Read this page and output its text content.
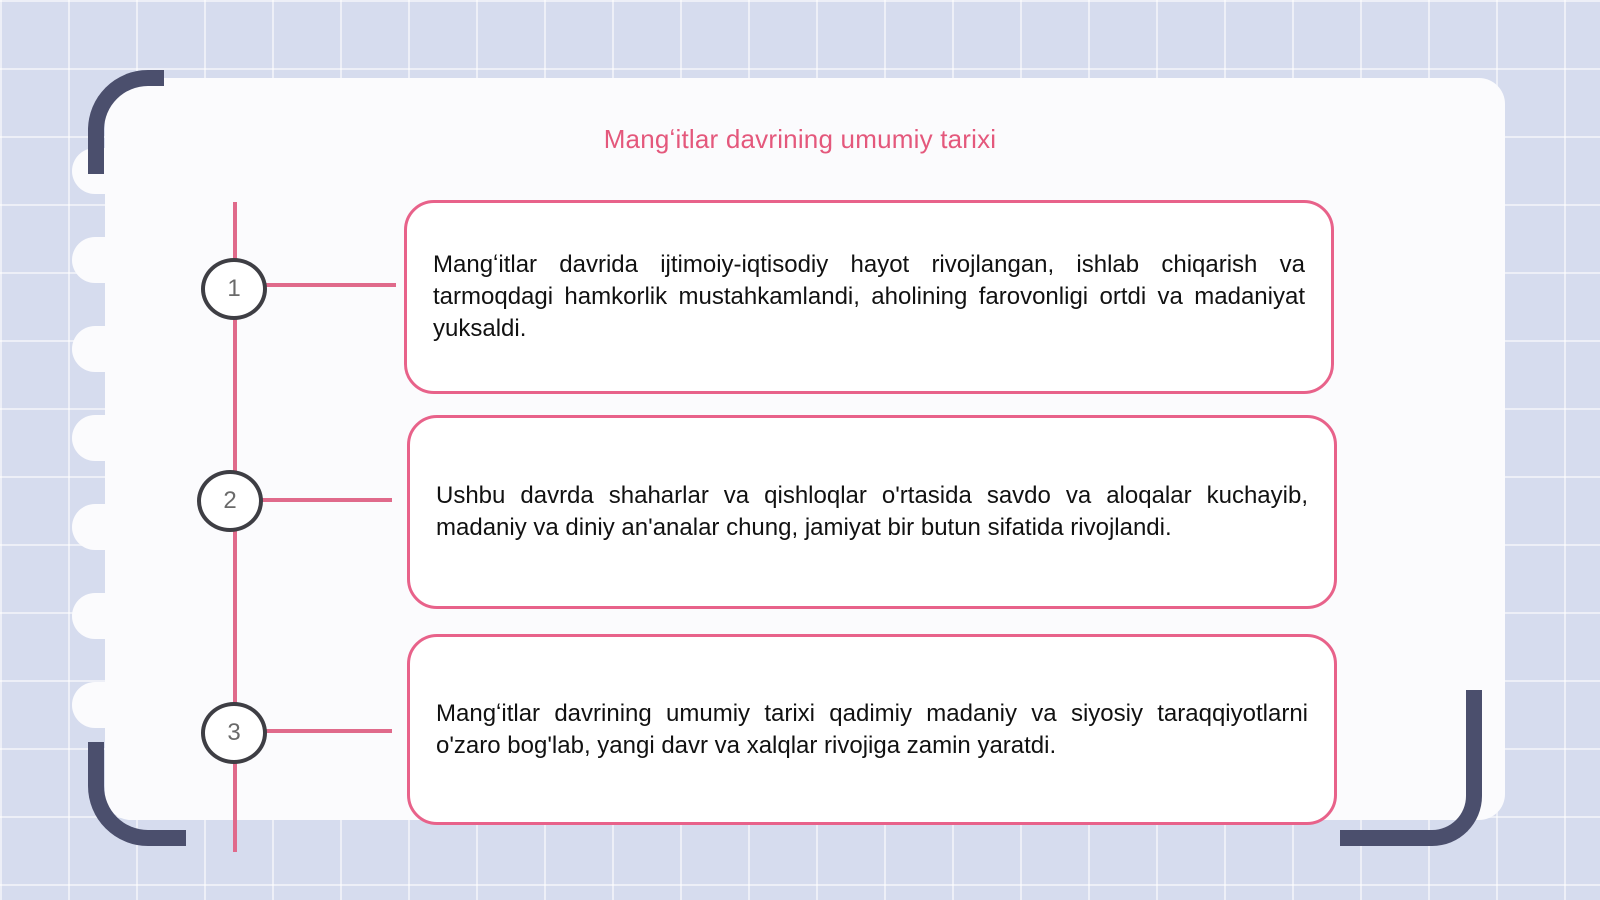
Mangʻitlar davrining umumiy tarixi
1
2
3
Mangʻitlar davrida ijtimoiy-iqtisodiy hayot rivojlangan, ishlab chiqarish va tarmoqdagi hamkorlik mustahkamlandi, aholining farovonligi ortdi va madaniyat yuksaldi.
Ushbu davrda shaharlar va qishloqlar o'rtasida savdo va aloqalar kuchayib, madaniy va diniy an'analar chung, jamiyat bir butun sifatida rivojlandi.
Mangʻitlar davrining umumiy tarixi qadimiy madaniy va siyosiy taraqqiyotlarni o'zaro bog'lab, yangi davr va xalqlar rivojiga zamin yaratdi.
